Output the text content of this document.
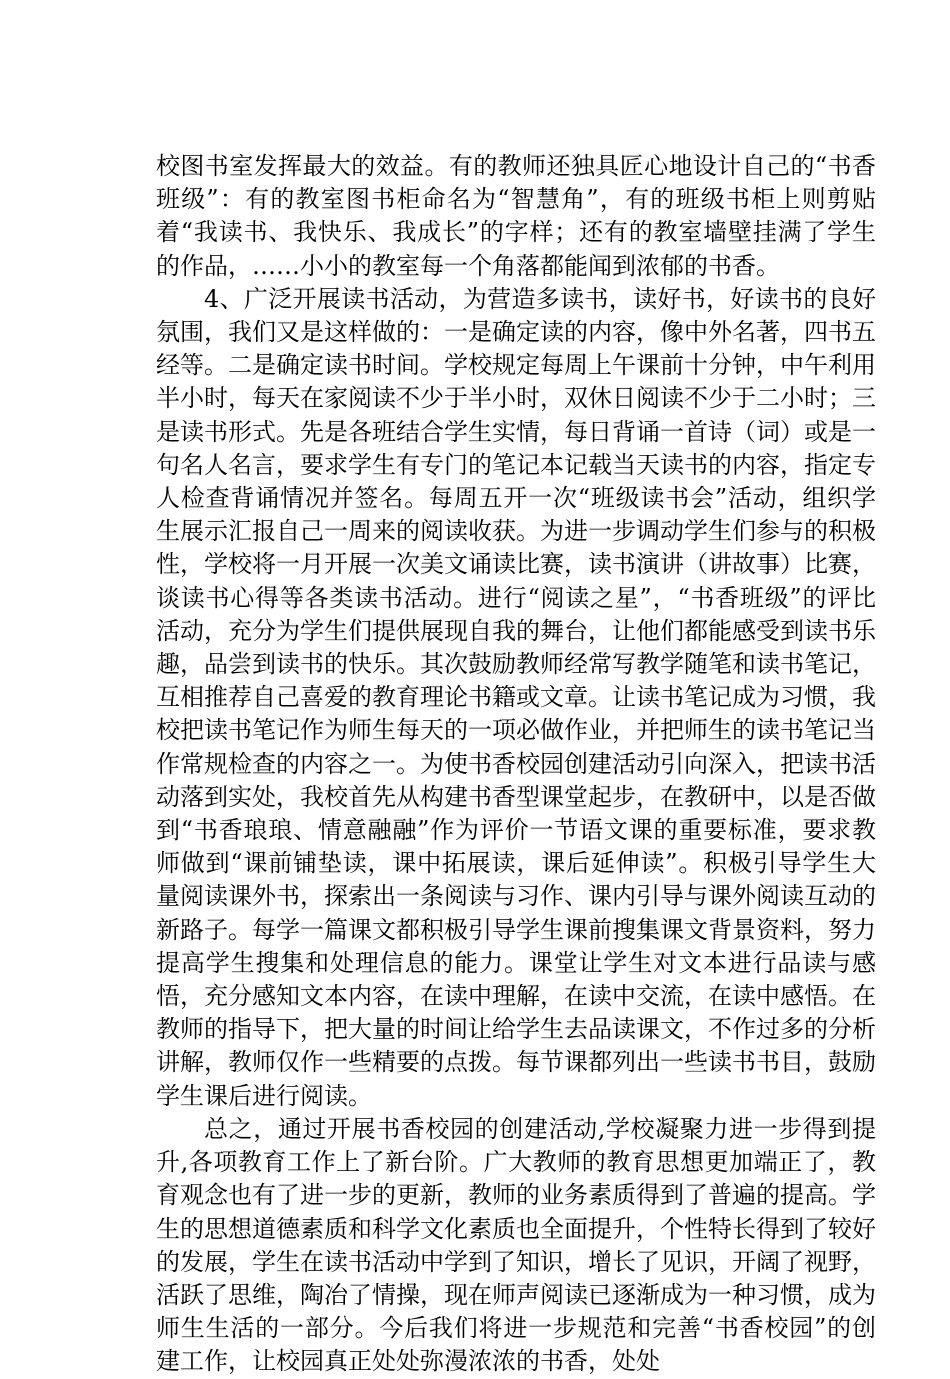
校图书室发挥最大的效益。有的教师还独具匠心地设计自己的“书香班级”：有的教室图书柜命名为“智慧角”，有的班级书柜上则剪贴着“我读书、我快乐、我成长”的字样；还有的教室墙壁挂满了学生的作品，……小小的教室每一个角落都能闻到浓郁的书香。

4、广泛开展读书活动，为营造多读书，读好书，好读书的良好氛围，我们又是这样做的：一是确定读的内容，像中外名著，四书五经等。二是确定读书时间。学校规定每周上午课前十分钟，中午利用半小时，每天在家阅读不少于半小时，双休日阅读不少于二小时；三是读书形式。先是各班结合学生实情，每日背诵一首诗（词）或是一句名人名言，要求学生有专门的笔记本记载当天读书的内容，指定专人检查背诵情况并签名。每周五开一次“班级读书会”活动，组织学生展示汇报自己一周来的阅读收获。为进一步调动学生们参与的积极性，学校将一月开展一次美文诵读比赛，读书演讲（讲故事）比赛，谈读书心得等各类读书活动。进行“阅读之星”，“书香班级”的评比活动，充分为学生们提供展现自我的舞台，让他们都能感受到读书乐趣，品尝到读书的快乐。其次鼓励教师经常写教学随笔和读书笔记，互相推荐自己喜爱的教育理论书籍或文章。让读书笔记成为习惯，我校把读书笔记作为师生每天的一项必做作业，并把师生的读书笔记当作常规检查的内容之一。为使书香校园创建活动引向深入，把读书活动落到实处，我校首先从构建书香型课堂起步，在教研中，以是否做到“书香琅琅、情意融融”作为评价一节语文课的重要标准，要求教师做到“课前铺垫读，课中拓展读，课后延伸读”。积极引导学生大量阅读课外书，探索出一条阅读与习作、课内引导与课外阅读互动的新路子。每学一篇课文都积极引导学生课前搜集课文背景资料，努力提高学生搜集和处理信息的能力。课堂让学生对文本进行品读与感悟，充分感知文本内容，在读中理解，在读中交流，在读中感悟。在教师的指导下，把大量的时间让给学生去品读课文，不作过多的分析讲解，教师仅作一些精要的点拨。每节课都列出一些读书书目，鼓励学生课后进行阅读。

总之，通过开展书香校园的创建活动,学校凝聚力进一步得到提升,各项教育工作上了新台阶。广大教师的教育思想更加端正了，教育观念也有了进一步的更新，教师的业务素质得到了普遍的提高。学生的思想道德素质和科学文化素质也全面提升，个性特长得到了较好的发展，学生在读书活动中学到了知识，增长了见识，开阔了视野，活跃了思维，陶冶了情操，现在师声阅读已逐渐成为一种习惯，成为师生生活的一部分。今后我们将进一步规范和完善“书香校园”的创建工作，让校园真正处处弥漫浓浓的书香，处处
